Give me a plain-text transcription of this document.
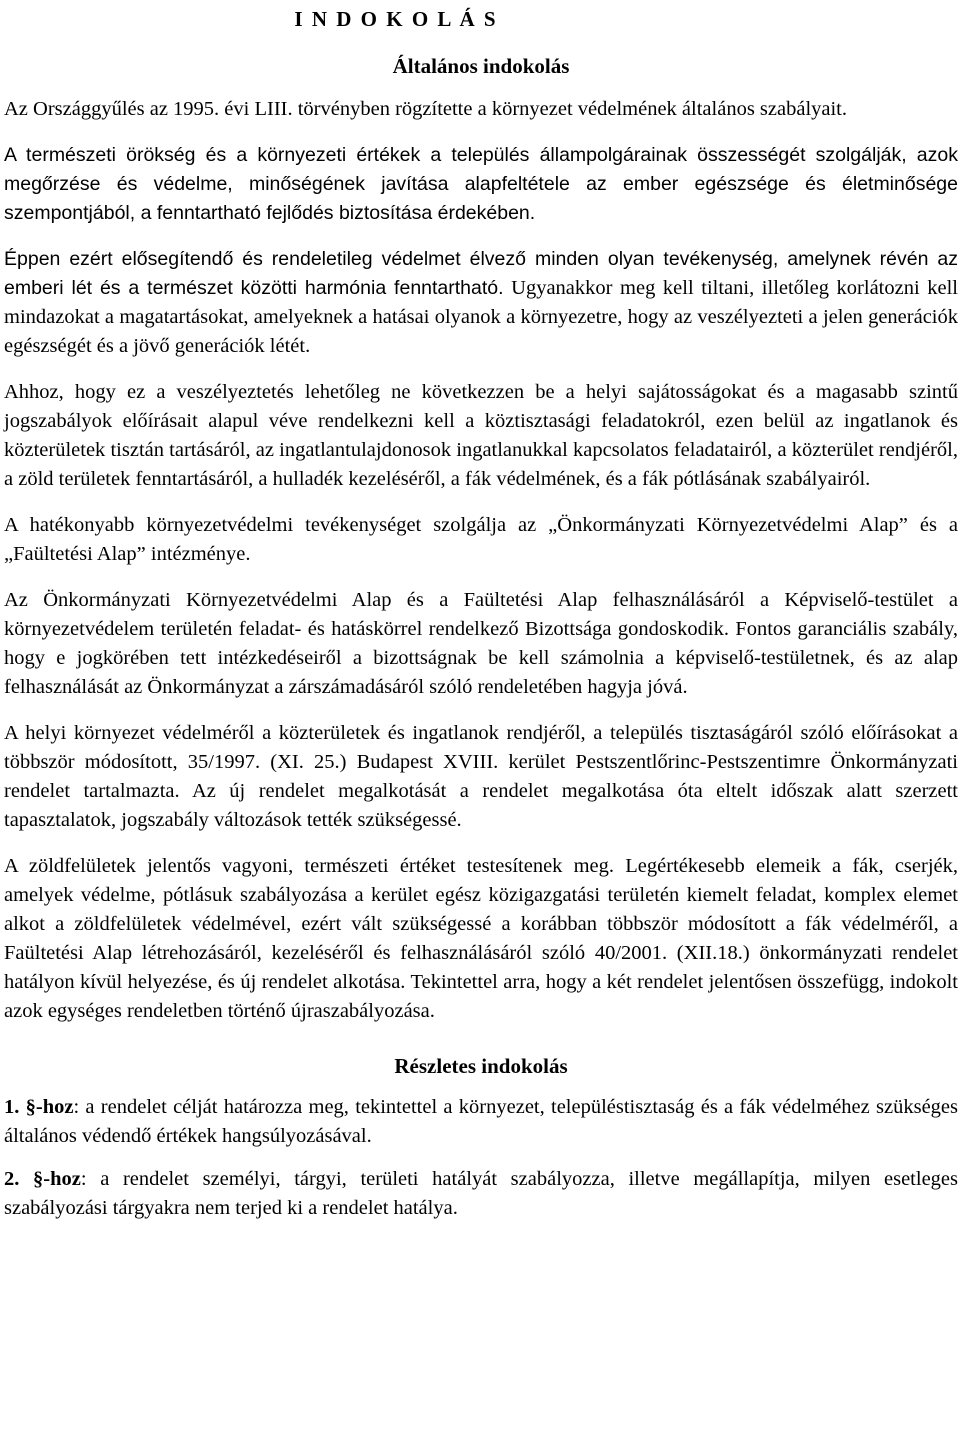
I N D O K O L Á S
Általános indokolás

Az Országgyűlés az 1995. évi LIII. törvényben rögzítette a környezet védelmének általános szabályait.

A természeti örökség és a környezeti értékek a település állampolgárainak összességét szolgálják, azok megőrzése és védelme, minőségének javítása alapfeltétele az ember egészsége és életminősége szempontjából, a fenntartható fejlődés biztosítása érdekében.

Éppen ezért elősegítendő és rendeletileg védelmet élvező minden olyan tevékenység, amelynek révén az emberi lét és a természet közötti harmónia fenntartható. Ugyanakkor meg kell tiltani, illetőleg korlátozni kell mindazokat a magatartásokat, amelyeknek a hatásai olyanok a környezetre, hogy az veszélyezteti a jelen generációk egészségét és a jövő generációk létét.

Ahhoz, hogy ez a veszélyeztetés lehetőleg ne következzen be a helyi sajátosságokat és a magasabb szintű jogszabályok előírásait alapul véve rendelkezni kell a köztisztasági feladatokról, ezen belül az ingatlanok és közterületek tisztán tartásáról, az ingatlantulajdonosok ingatlanukkal kapcsolatos feladatairól, a közterület rendjéről, a zöld területek fenntartásáról, a hulladék kezeléséről, a fák védelmének, és a fák pótlásának szabályairól.

A hatékonyabb környezetvédelmi tevékenységet szolgálja az „Önkormányzati Környezetvédelmi Alap” és a „Faültetési Alap” intézménye.

Az Önkormányzati Környezetvédelmi Alap és a Faültetési Alap felhasználásáról a Képviselő-testület a környezetvédelem területén feladat- és hatáskörrel rendelkező Bizottsága gondoskodik. Fontos garanciális szabály, hogy e jogkörében tett intézkedéseiről a bizottságnak be kell számolnia a képviselő-testületnek, és az alap felhasználását az Önkormányzat a zárszámadásáról szóló rendeletében hagyja jóvá.

A helyi környezet védelméről a közterületek és ingatlanok rendjéről, a település tisztaságáról szóló előírásokat a többször módosított, 35/1997. (XI. 25.) Budapest XVIII. kerület Pestszentlőrinc-Pestszentimre Önkormányzati rendelet tartalmazta. Az új rendelet megalkotását a rendelet megalkotása óta eltelt időszak alatt szerzett tapasztalatok, jogszabály változások tették szükségessé.

A zöldfelületek jelentős vagyoni, természeti értéket testesítenek meg. Legértékesebb elemeik a fák, cserjék, amelyek védelme, pótlásuk szabályozása a kerület egész közigazgatási területén kiemelt feladat, komplex elemet alkot a zöldfelületek védelmével, ezért vált szükségessé a korábban többször módosított a fák védelméről, a Faültetési Alap létrehozásáról, kezeléséről és felhasználásáról szóló 40/2001. (XII.18.) önkormányzati rendelet hatályon kívül helyezése, és új rendelet alkotása. Tekintettel arra, hogy a két rendelet jelentősen összefügg, indokolt azok egységes rendeletben történő újraszabályozása.

Részletes indokolás

1. §-hoz: a rendelet célját határozza meg, tekintettel a környezet, településtisztaság és a fák védelméhez szükséges általános védendő értékek hangsúlyozásával.

2. §-hoz: a rendelet személyi, tárgyi, területi hatályát szabályozza, illetve megállapítja, milyen esetleges szabályozási tárgyakra nem terjed ki a rendelet hatálya.
